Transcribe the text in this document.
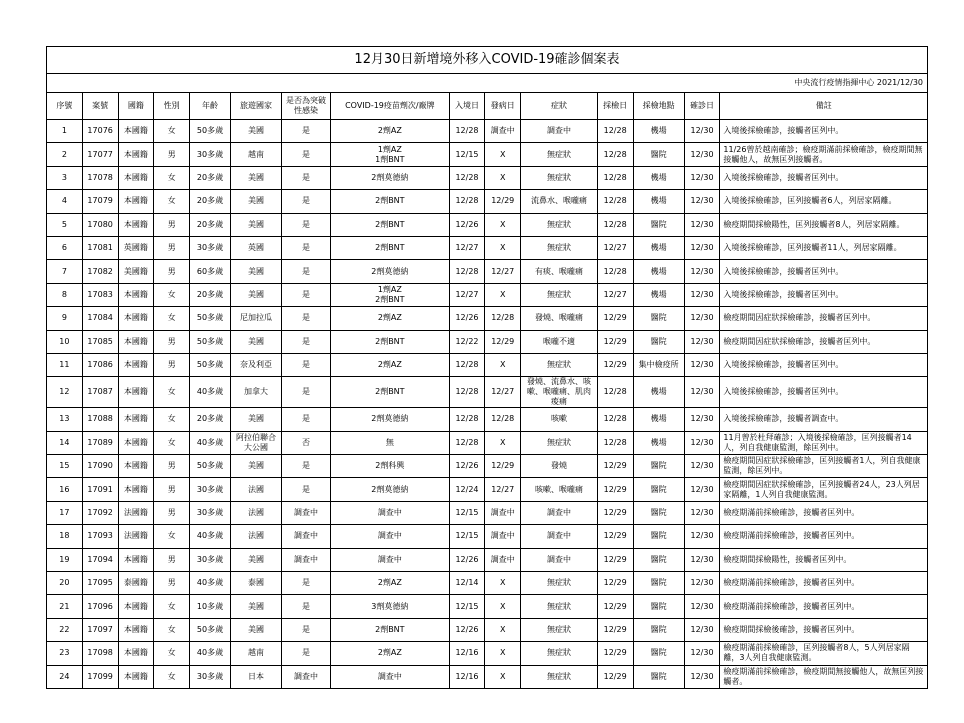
12月30日新增境外移入COVID-19確診個案表														
中央流行疫情指揮中心 2021/12/30														
序號	案號	國籍	性別	年齡	旅遊國家	是否為突破性感染	COVID-19疫苗劑次/廠牌	入境日	發病日	症狀	採檢日	採檢地點	確診日	備註
1	17076	本國籍	女	50多歲	美國	是	2劑AZ	12/28	調查中	調查中	12/28	機場	12/30	入境後採檢確診，接觸者匡列中。
2	17077	本國籍	男	30多歲	越南	是	1劑AZ
1劑BNT	12/15	X	無症狀	12/28	醫院	12/30	11/26曾於越南確診；檢疫期滿前採檢確診，檢疫期間無接觸他人，故無匡列接觸者。
3	17078	本國籍	女	20多歲	美國	是	2劑莫德納	12/28	X	無症狀	12/28	機場	12/30	入境後採檢確診，接觸者匡列中。
4	17079	本國籍	女	20多歲	美國	是	2劑BNT	12/28	12/29	流鼻水、喉嚨痛	12/28	機場	12/30	入境後採檢確診，匡列接觸者6人，列居家隔離。
5	17080	本國籍	男	20多歲	美國	是	2劑BNT	12/26	X	無症狀	12/28	醫院	12/30	檢疫期間採檢陽性，匡列接觸者8人，列居家隔離。
6	17081	英國籍	男	30多歲	英國	是	2劑BNT	12/27	X	無症狀	12/27	機場	12/30	入境後採檢確診，匡列接觸者11人，列居家隔離。
7	17082	美國籍	男	60多歲	美國	是	2劑莫德納	12/28	12/27	有痰、喉嚨痛	12/28	機場	12/30	入境後採檢確診，接觸者匡列中。
8	17083	本國籍	女	20多歲	美國	是	1劑AZ
2劑BNT	12/27	X	無症狀	12/27	機場	12/30	入境後採檢確診，接觸者匡列中。
9	17084	本國籍	女	50多歲	尼加拉瓜	是	2劑AZ	12/26	12/28	發燒、喉嚨痛	12/29	醫院	12/30	檢疫期間因症狀採檢確診，接觸者匡列中。
10	17085	本國籍	男	50多歲	美國	是	2劑BNT	12/22	12/29	喉嚨不適	12/29	醫院	12/30	檢疫期間因症狀採檢確診，接觸者匡列中。
11	17086	本國籍	男	50多歲	奈及利亞	是	2劑AZ	12/28	X	無症狀	12/29	集中檢疫所	12/30	入境後採檢確診，接觸者匡列中。
12	17087	本國籍	女	40多歲	加拿大	是	2劑BNT	12/28	12/27	發燒、流鼻水、咳嗽、喉嚨痛、肌肉痠痛	12/28	機場	12/30	入境後採檢確診，接觸者匡列中。
13	17088	本國籍	女	20多歲	美國	是	2劑莫德納	12/28	12/28	咳嗽	12/28	機場	12/30	入境後採檢確診，接觸者調查中。
14	17089	本國籍	女	40多歲	阿拉伯聯合大公國	否	無	12/28	X	無症狀	12/28	機場	12/30	11月曾於杜拜確診；入境後採檢確診，匡列接觸者14人，列自我健康監測，餘匡列中。
15	17090	本國籍	男	50多歲	美國	是	2劑科興	12/26	12/29	發燒	12/29	醫院	12/30	檢疫期間因症狀採檢確診，匡列接觸者1人，列自我健康監測，餘匡列中。
16	17091	本國籍	男	30多歲	法國	是	2劑莫德納	12/24	12/27	咳嗽、喉嚨痛	12/29	醫院	12/30	檢疫期間因症狀採檢確診，匡列接觸者24人，23人列居家隔離，1人列自我健康監測。
17	17092	法國籍	男	30多歲	法國	調查中	調查中	12/15	調查中	調查中	12/29	醫院	12/30	檢疫期滿前採檢確診，接觸者匡列中。
18	17093	法國籍	女	40多歲	法國	調查中	調查中	12/15	調查中	調查中	12/29	醫院	12/30	檢疫期滿前採檢確診，接觸者匡列中。
19	17094	本國籍	男	30多歲	美國	調查中	調查中	12/26	調查中	調查中	12/29	醫院	12/30	檢疫期間採檢陽性，接觸者匡列中。
20	17095	泰國籍	男	40多歲	泰國	是	2劑AZ	12/14	X	無症狀	12/29	醫院	12/30	檢疫期滿前採檢確診，接觸者匡列中。
21	17096	本國籍	女	10多歲	美國	是	3劑莫德納	12/15	X	無症狀	12/29	醫院	12/30	檢疫期滿前採檢確診，接觸者匡列中。
22	17097	本國籍	女	50多歲	美國	是	2劑BNT	12/26	X	無症狀	12/29	醫院	12/30	檢疫期間採檢後確診，接觸者匡列中。
23	17098	本國籍	女	40多歲	越南	是	2劑AZ	12/16	X	無症狀	12/29	醫院	12/30	檢疫期滿前採檢確診，匡列接觸者8人，5人列居家隔離，3人列自我健康監測。
24	17099	本國籍	女	30多歲	日本	調查中	調查中	12/16	X	無症狀	12/29	醫院	12/30	檢疫期滿前採檢確診，檢疫期間無接觸他人，故無匡列接觸者。
